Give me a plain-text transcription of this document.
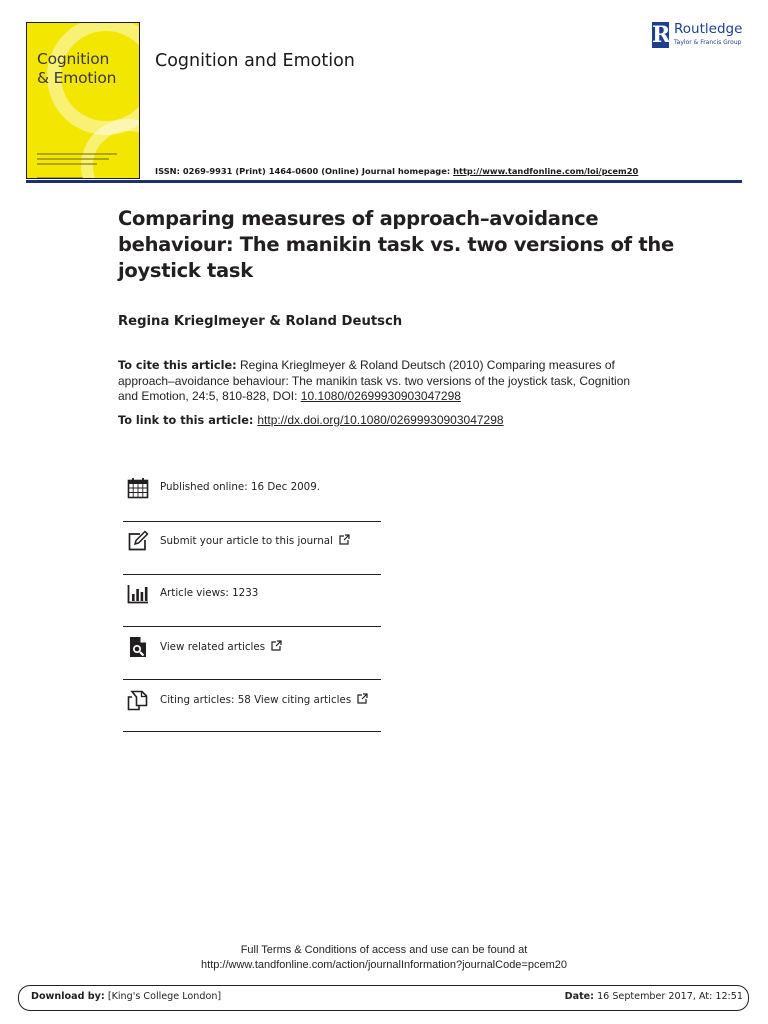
Cognition
& Emotion
Cognition and Emotion
R Routledge
Taylor & Francis Group
ISSN: 0269-9931 (Print) 1464-0600 (Online) Journal homepage: http://www.tandfonline.com/loi/pcem20
Comparing measures of approach–avoidance behaviour: The manikin task vs. two versions of the joystick task
Regina Krieglmeyer & Roland Deutsch
To cite this article: Regina Krieglmeyer & Roland Deutsch (2010) Comparing measures of approach–avoidance behaviour: The manikin task vs. two versions of the joystick task, Cognition and Emotion, 24:5, 810-828, DOI: 10.1080/02699930903047298
To link to this article: http://dx.doi.org/10.1080/02699930903047298
Published online: 16 Dec 2009.
Submit your article to this journal
Article views: 1233
View related articles
Citing articles: 58 View citing articles
Full Terms & Conditions of access and use can be found at
http://www.tandfonline.com/action/journalInformation?journalCode=pcem20
Download by: [King's College London]	Date: 16 September 2017, At: 12:51
